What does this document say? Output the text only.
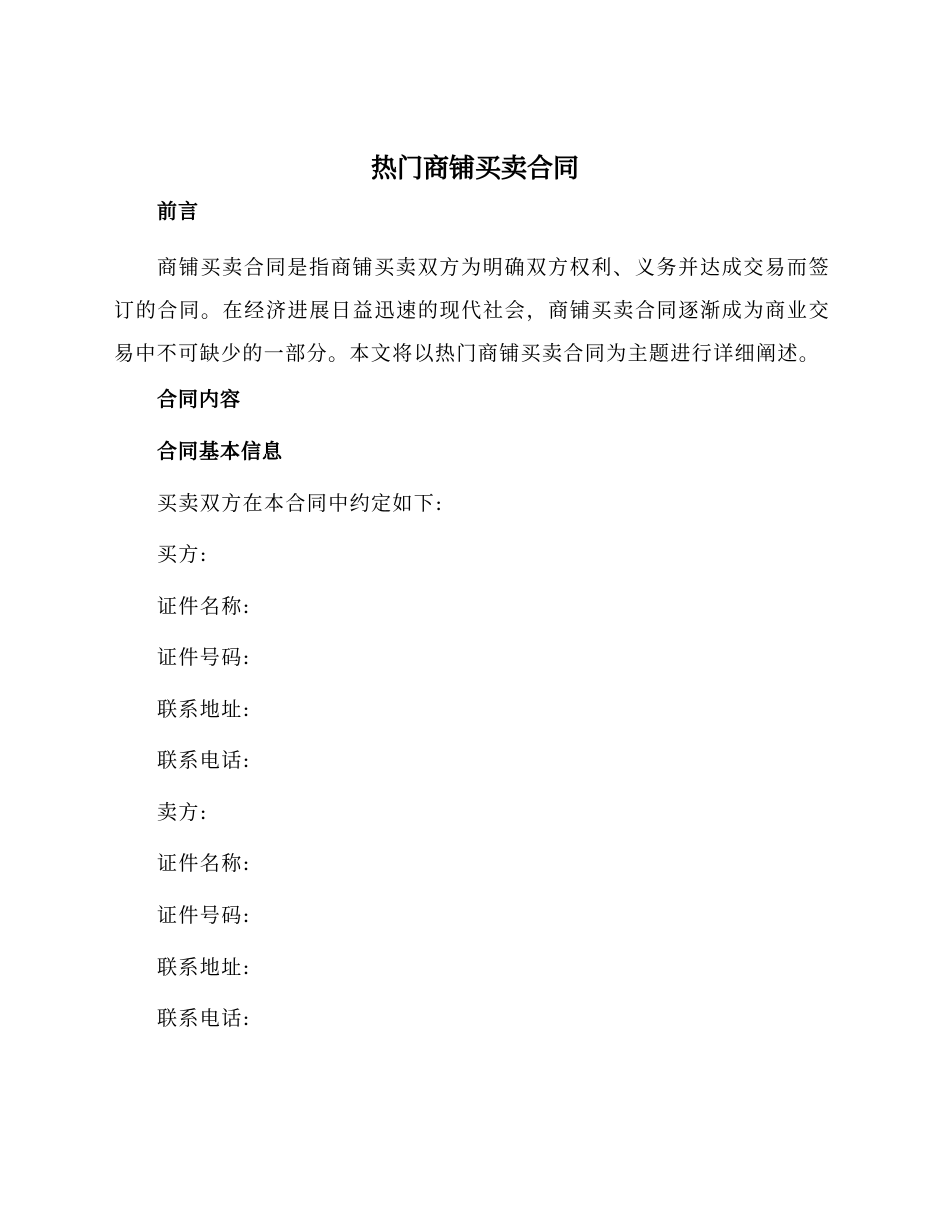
热门商铺买卖合同
前言

商铺买卖合同是指商铺买卖双方为明确双方权利、义务并达成交易而签订的合同。在经济进展日益迅速的现代社会，商铺买卖合同逐渐成为商业交易中不可缺少的一部分。本文将以热门商铺买卖合同为主题进行详细阐述。

合同内容
合同基本信息
买卖双方在本合同中约定如下:
买方:
证件名称:
证件号码:
联系地址:
联系电话:
卖方:
证件名称:
证件号码:
联系地址:
联系电话:
